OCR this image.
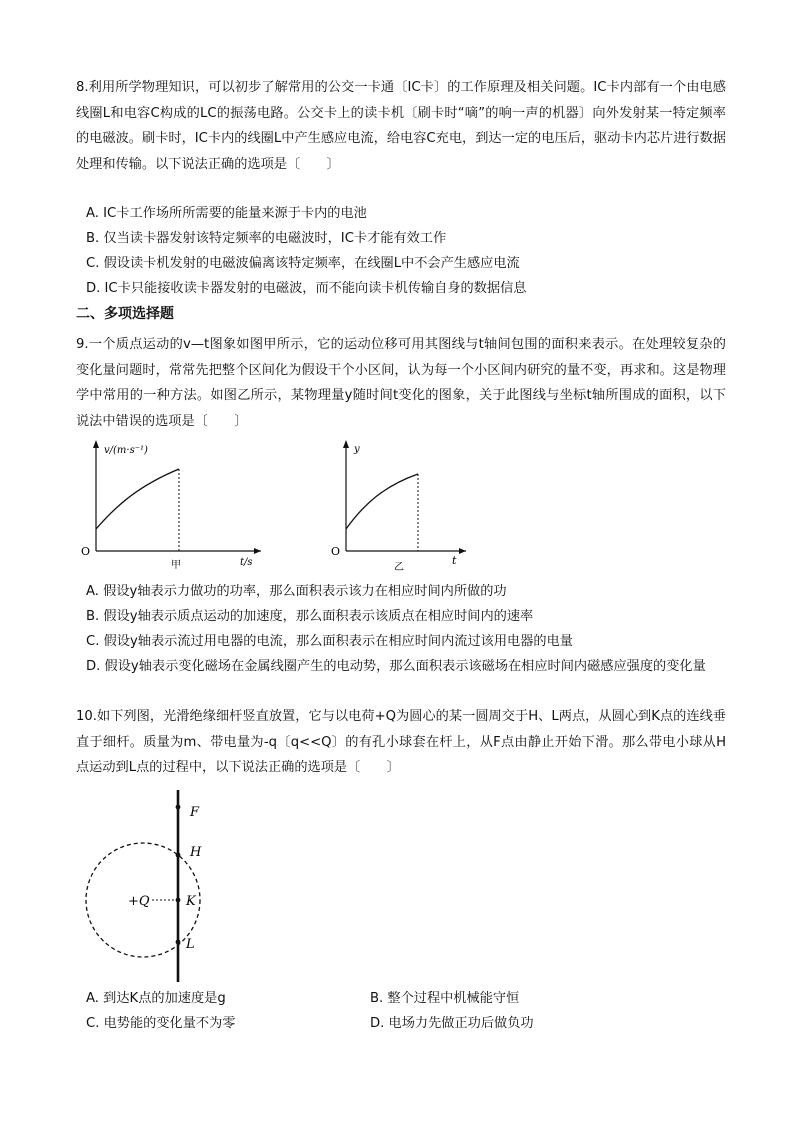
8.利用所学物理知识，可以初步了解常用的公交一卡通〔IC卡〕的工作原理及相关问题。IC卡内部有一个由电感线圈L和电容C构成的LC的振荡电路。公交卡上的读卡机〔刷卡时“嘀”的响一声的机器〕向外发射某一特定频率的电磁波。刷卡时，IC卡内的线圈L中产生感应电流，给电容C充电，到达一定的电压后，驱动卡内芯片进行数据处理和传输。以下说法正确的选项是〔　　〕

A. IC卡工作场所所需要的能量来源于卡内的电池

B. 仅当读卡器发射该特定频率的电磁波时，IC卡才能有效工作

C. 假设读卡机发射的电磁波偏离该特定频率，在线圈L中不会产生感应电流

D. IC卡只能接收读卡器发射的电磁波，而不能向读卡机传输自身的数据信息

二、多项选择题

9.一个质点运动的v—t图象如图甲所示，它的运动位移可用其图线与t轴间包围的面积来表示。在处理较复杂的变化量问题时，常常先把整个区间化为假设干个小区间，认为每一个小区间内研究的量不变，再求和。这是物理学中常用的一种方法。如图乙所示，某物理量y随时间t变化的图象，关于此图线与坐标t轴所围成的面积，以下说法中错误的选项是〔　　〕

v/(m·s⁻¹)
t/s
O
甲
y
t
O
乙

A. 假设y轴表示力做功的功率，那么面积表示该力在相应时间内所做的功

B. 假设y轴表示质点运动的加速度，那么面积表示该质点在相应时间内的速率

C. 假设y轴表示流过用电器的电流，那么面积表示在相应时间内流过该用电器的电量

D. 假设y轴表示变化磁场在金属线圈产生的电动势，那么面积表示该磁场在相应时间内磁感应强度的变化量

10.如下列图，光滑绝缘细杆竖直放置，它与以电荷+Q为圆心的某一圆周交于H、L两点，从圆心到K点的连线垂直于细杆。质量为m、带电量为-q〔q<<Q〕的有孔小球套在杆上，从F点由静止开始下滑。那么带电小球从H点运动到L点的过程中，以下说法正确的选项是〔　　〕

F
H
K
L
+Q

A. 到达K点的加速度是g	B. 整个过程中机械能守恒

C. 电势能的变化量不为零	D. 电场力先做正功后做负功
